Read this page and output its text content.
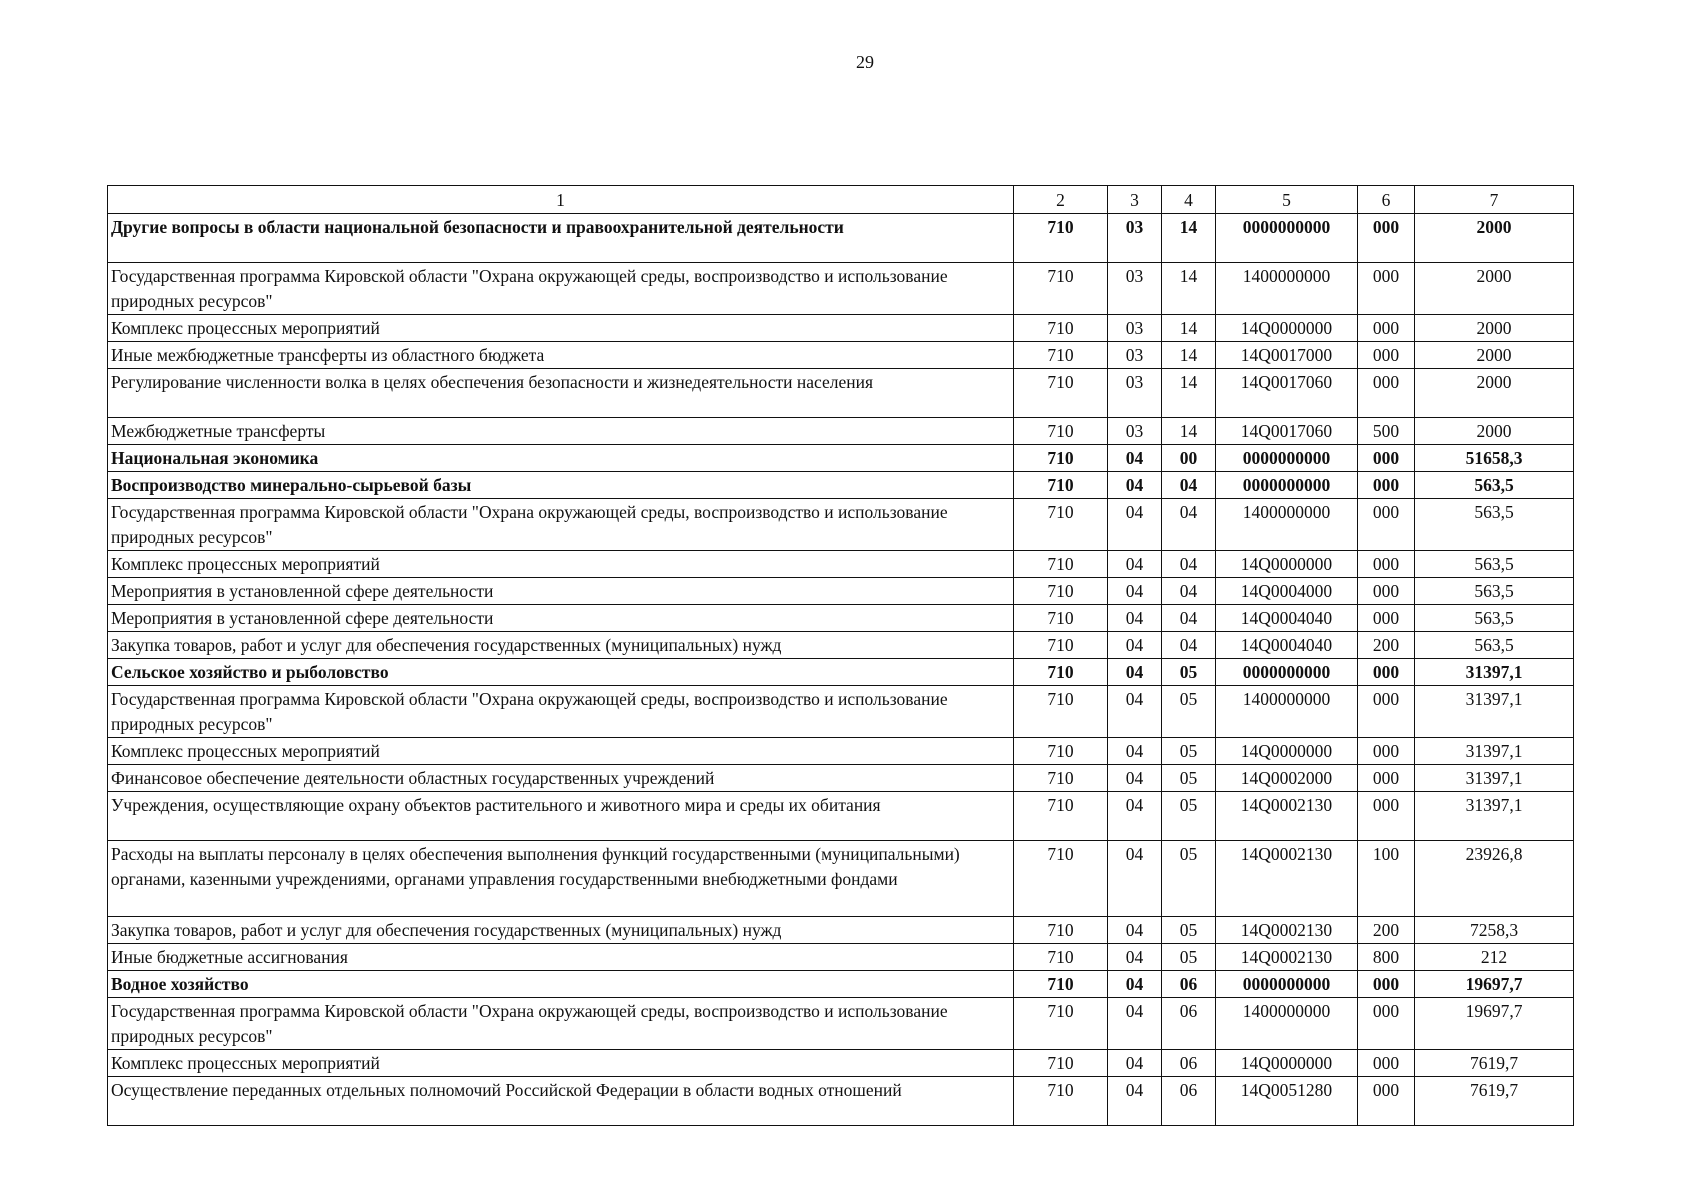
29
1	2	3	4	5	6	7
Другие вопросы в области национальной безопасности и правоохранительной деятельности	710	03	14	0000000000	000	2000
Государственная программа Кировской области "Охрана окружающей среды, воспроизводство и использование природных ресурсов"	710	03	14	1400000000	000	2000
Комплекс процессных мероприятий	710	03	14	14Q0000000	000	2000
Иные межбюджетные трансферты из областного бюджета	710	03	14	14Q0017000	000	2000
Регулирование численности волка в целях обеспечения безопасности и жизнедеятельности населения	710	03	14	14Q0017060	000	2000
Межбюджетные трансферты	710	03	14	14Q0017060	500	2000
Национальная экономика	710	04	00	0000000000	000	51658,3
Воспроизводство минерально-сырьевой базы	710	04	04	0000000000	000	563,5
Государственная программа Кировской области "Охрана окружающей среды, воспроизводство и использование природных ресурсов"	710	04	04	1400000000	000	563,5
Комплекс процессных мероприятий	710	04	04	14Q0000000	000	563,5
Мероприятия в установленной сфере деятельности	710	04	04	14Q0004000	000	563,5
Мероприятия в установленной сфере деятельности	710	04	04	14Q0004040	000	563,5
Закупка товаров, работ и услуг для обеспечения государственных (муниципальных) нужд	710	04	04	14Q0004040	200	563,5
Сельское хозяйство и рыболовство	710	04	05	0000000000	000	31397,1
Государственная программа Кировской области "Охрана окружающей среды, воспроизводство и использование природных ресурсов"	710	04	05	1400000000	000	31397,1
Комплекс процессных мероприятий	710	04	05	14Q0000000	000	31397,1
Финансовое обеспечение деятельности областных государственных учреждений	710	04	05	14Q0002000	000	31397,1
Учреждения, осуществляющие охрану объектов растительного и животного мира и среды их обитания	710	04	05	14Q0002130	000	31397,1
Расходы на выплаты персоналу в целях обеспечения выполнения функций государственными (муниципальными) органами, казенными учреждениями, органами управления государственными внебюджетными фондами	710	04	05	14Q0002130	100	23926,8
Закупка товаров, работ и услуг для обеспечения государственных (муниципальных) нужд	710	04	05	14Q0002130	200	7258,3
Иные бюджетные ассигнования	710	04	05	14Q0002130	800	212
Водное хозяйство	710	04	06	0000000000	000	19697,7
Государственная программа Кировской области "Охрана окружающей среды, воспроизводство и использование природных ресурсов"	710	04	06	1400000000	000	19697,7
Комплекс процессных мероприятий	710	04	06	14Q0000000	000	7619,7
Осуществление переданных отдельных полномочий Российской Федерации в области водных отношений	710	04	06	14Q0051280	000	7619,7
